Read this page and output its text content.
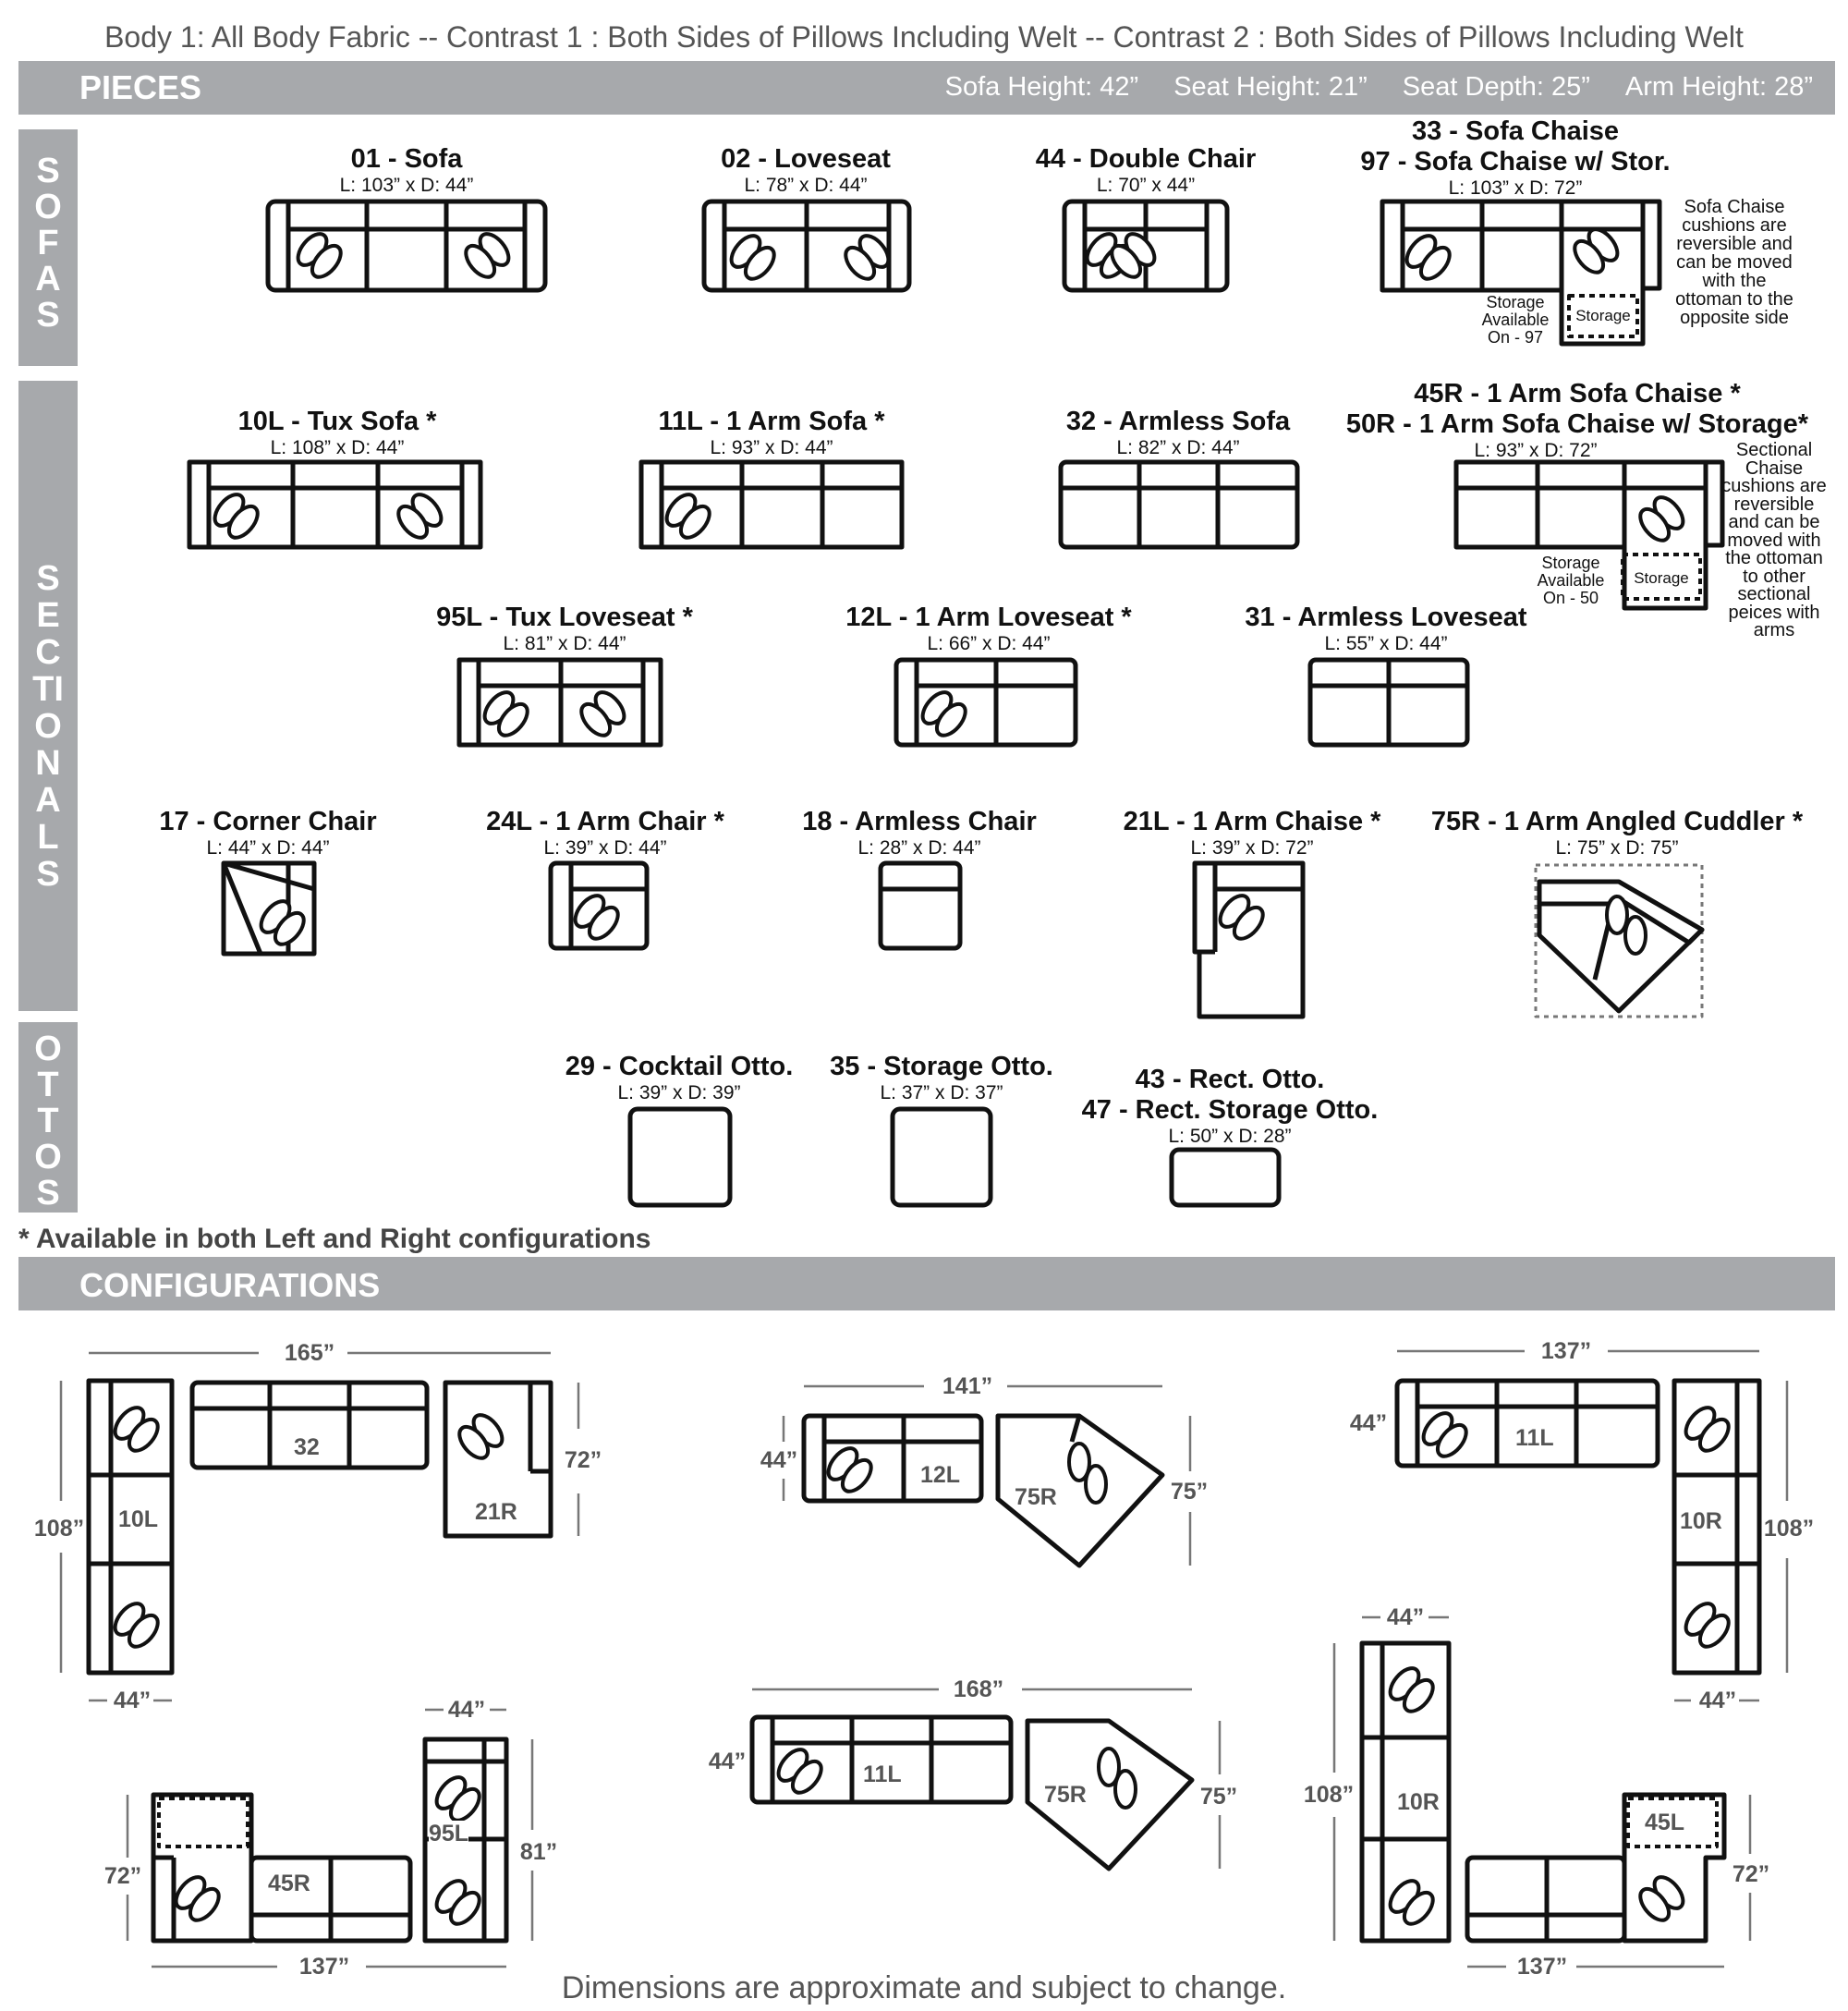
Body 1: All Body Fabric -- Contrast 1 : Both Sides of Pillows Including Welt -- Contrast 2 : Both Sides of Pillows Including Welt
PIECES	Sofa Height: 42” Seat Height: 21” Seat Depth: 25” Arm Height: 28”
SOFAS
SECTIONALS
OTTOS
01 - Sofa
L: 103” x D: 44”
02 - Loveseat
L: 78” x D: 44”
44 - Double Chair
L: 70” x 44”
33 - Sofa Chaise
97 - Sofa Chaise w/ Stor.
L: 103” x D: 72”
Sofa Chaise
cushions are
reversible and
can be moved
with the
ottoman to the
opposite side
Storage
Available
On - 97
Storage
10L - Tux Sofa *
L: 108” x D: 44”
11L - 1 Arm Sofa *
L: 93” x D: 44”
32 - Armless Sofa
L: 82” x D: 44”
45R - 1 Arm Sofa Chaise *
50R - 1 Arm Sofa Chaise w/ Storage*
L: 93” x D: 72”	Sectional
Chaise
cushions are
reversible
and can be
moved with
the ottoman
to other
sectional
peices with
arms
Storage
Available
On - 50
Storage
95L - Tux Loveseat *
L: 81” x D: 44”
12L - 1 Arm Loveseat *
L: 66” x D: 44”
31 - Armless Loveseat
L: 55” x D: 44”
17 - Corner Chair
L: 44” x D: 44”
24L - 1 Arm Chair *
L: 39” x D: 44”
18 - Armless Chair
L: 28” x D: 44”
21L - 1 Arm Chaise *
L: 39” x D: 72”
75R - 1 Arm Angled Cuddler *
L: 75” x D: 75”
29 - Cocktail Otto.
L: 39” x D: 39”
35 - Storage Otto.
L: 37” x D: 37”	43 - Rect. Otto.
47 - Rect. Storage Otto.
L: 50” x D: 28”
* Available in both Left and Right configurations
CONFIGURATIONS
165”
108”
44”
72”
10L
32
21R
141”
44”
75”
12L
75R
137”
44”
108”
44”
11L
10R
137”
72”
44”
81”
45R
95L
168”
44”
75”
11L
75R
137”
44”
108”
72”
10R
45L
Dimensions are approximate and subject to change.
